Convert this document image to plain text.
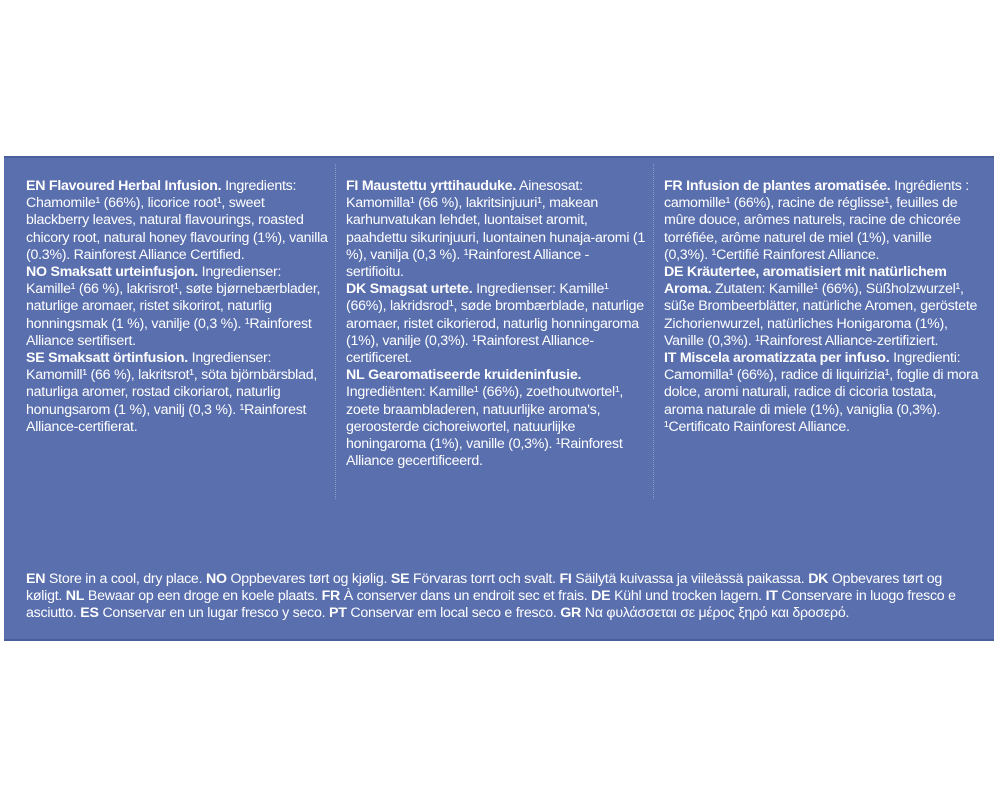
EN Flavoured Herbal Infusion. Ingredients: Chamomile¹ (66%), licorice root¹, sweet blackberry leaves, natural flavourings, roasted chicory root, natural honey flavouring (1%), vanilla (0.3%). Rainforest Alliance Certified.

NO Smaksatt urteinfusjon. Ingredienser: Kamille¹ (66 %), lakrisrot¹, søte bjørnebærblader, naturlige aromaer, ristet sikorirot, naturlig honningsmak (1 %), vanilje (0,3 %). ¹Rainforest Alliance sertifisert.

SE Smaksatt örtinfusion. Ingredienser: Kamomill¹ (66 %), lakritsrot¹, söta björnbärsblad, naturliga aromer, rostad cikoriarot, naturlig honungsarom (1 %), vanilj (0,3 %). ¹Rainforest Alliance-certifierat.

FI Maustettu yrttihauduke. Ainesosat: Kamomilla¹ (66 %), lakritsinjuuri¹, makean karhunvatukan lehdet, luontaiset aromit, paahdettu sikurinjuuri, luontainen hunaja-aromi (1 %), vanilja (0,3 %). ¹Rainforest Alliance -sertifioitu.

DK Smagsat urtete. Ingredienser: Kamille¹ (66%), lakridsrod¹, søde brombærblade, naturlige aromaer, ristet cikorierod, naturlig honningaroma (1%), vanilje (0,3%). ¹Rainforest Alliance-certificeret.

NL Gearomatiseerde kruideninfusie. Ingrediënten: Kamille¹ (66%), zoethoutwortel¹, zoete braambladeren, natuurlijke aroma's, geroosterde cichoreiwortel, natuurlijke honingaroma (1%), vanille (0,3%). ¹Rainforest Alliance gecertificeerd.

FR Infusion de plantes aromatisée. Ingrédients : camomille¹ (66%), racine de réglisse¹, feuilles de mûre douce, arômes naturels, racine de chicorée torréfiée, arôme naturel de miel (1%), vanille (0,3%). ¹Certifié Rainforest Alliance.

DE Kräutertee, aromatisiert mit natürlichem Aroma. Zutaten: Kamille¹ (66%), Süßholzwurzel¹, süße Brombeerblätter, natürliche Aromen, geröstete Zichorienwurzel, natürliches Honigaroma (1%), Vanille (0,3%). ¹Rainforest Alliance-zertifiziert.

IT Miscela aromatizzata per infuso. Ingredienti: Camomilla¹ (66%), radice di liquirizia¹, foglie di mora dolce, aromi naturali, radice di cicoria tostata, aroma naturale di miele (1%), vaniglia (0,3%). ¹Certificato Rainforest Alliance.

EN Store in a cool, dry place. NO Oppbevares tørt og kjølig. SE Förvaras torrt och svalt. FI Säilytä kuivassa ja viileässä paikassa. DK Opbevares tørt og køligt. NL Bewaar op een droge en koele plaats. FR À conserver dans un endroit sec et frais. DE Kühl und trocken lagern. IT Conservare in luogo fresco e asciutto. ES Conservar en un lugar fresco y seco. PT Conservar em local seco e fresco. GR Να φυλάσσεται σε μέρος ξηρό και δροσερό.
